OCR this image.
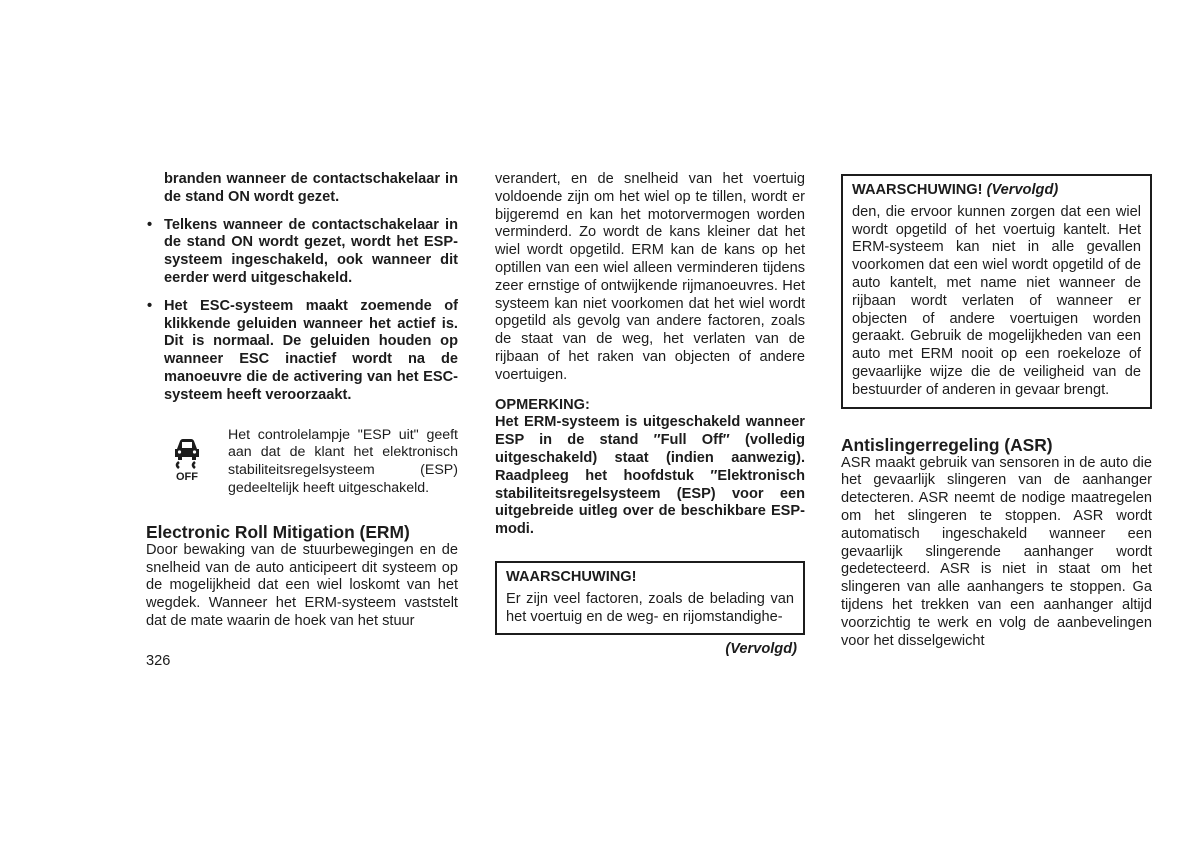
branden wanneer de contactschakelaar in de stand ON wordt gezet.

• Telkens wanneer de contactschakelaar in de stand ON wordt gezet, wordt het ESP-systeem ingeschakeld, ook wanneer dit eerder werd uitgeschakeld.
• Het ESC-systeem maakt zoemende of klikkende geluiden wanneer het actief is. Dit is normaal. De geluiden houden op wanneer ESC inactief wordt na de manoeuvre die de activering van het ESC-systeem heeft veroorzaakt.
OFF
Het controlelampje "ESP uit" geeft aan dat de klant het elektronisch stabiliteitsregelsysteem (ESP) gedeeltelijk heeft uitgeschakeld.
Electronic Roll Mitigation (ERM)

Door bewaking van de stuurbewegingen en de snelheid van de auto anticipeert dit systeem op de mogelijkheid dat een wiel loskomt van het wegdek. Wanneer het ERM-systeem vaststelt dat de mate waarin de hoek van het stuur

verandert, en de snelheid van het voertuig voldoende zijn om het wiel op te tillen, wordt er bijgeremd en kan het motorvermogen worden verminderd. Zo wordt de kans kleiner dat het wiel wordt opgetild. ERM kan de kans op het optillen van een wiel alleen verminderen tijdens zeer ernstige of ontwijkende rijmanoeuvres. Het systeem kan niet voorkomen dat het wiel wordt opgetild als gevolg van andere factoren, zoals de staat van de weg, het verlaten van de rijbaan of het raken van objecten of andere voertuigen.

OPMERKING:

Het ERM-systeem is uitgeschakeld wanneer ESP in de stand ″Full Off″ (volledig uitgeschakeld) staat (indien aanwezig). Raadpleeg het hoofdstuk ″Elektronisch stabiliteitsregelsysteem (ESP) voor een uitgebreide uitleg over de beschikbare ESP-modi.

WAARSCHUWING!
Er zijn veel factoren, zoals de belading van het voertuig en de weg- en rijomstandighe-
(Vervolgd)
WAARSCHUWING! (Vervolgd)
den, die ervoor kunnen zorgen dat een wiel wordt opgetild of het voertuig kantelt. Het ERM-systeem kan niet in alle gevallen voorkomen dat een wiel wordt opgetild of de auto kantelt, met name niet wanneer de rijbaan wordt verlaten of wanneer er objecten of andere voertuigen worden geraakt. Gebruik de mogelijkheden van een auto met ERM nooit op een roekeloze of gevaarlijke wijze die de veiligheid van de bestuurder of anderen in gevaar brengt.
Antislingerregeling (ASR)

ASR maakt gebruik van sensoren in de auto die het gevaarlijk slingeren van de aanhanger detecteren. ASR neemt de nodige maatregelen om het slingeren te stoppen. ASR wordt automatisch ingeschakeld wanneer een gevaarlijk slingerende aanhanger wordt gedetecteerd. ASR is niet in staat om het slingeren van alle aanhangers te stoppen. Ga tijdens het trekken van een aanhanger altijd voorzichtig te werk en volg de aanbevelingen voor het disselgewicht

326
